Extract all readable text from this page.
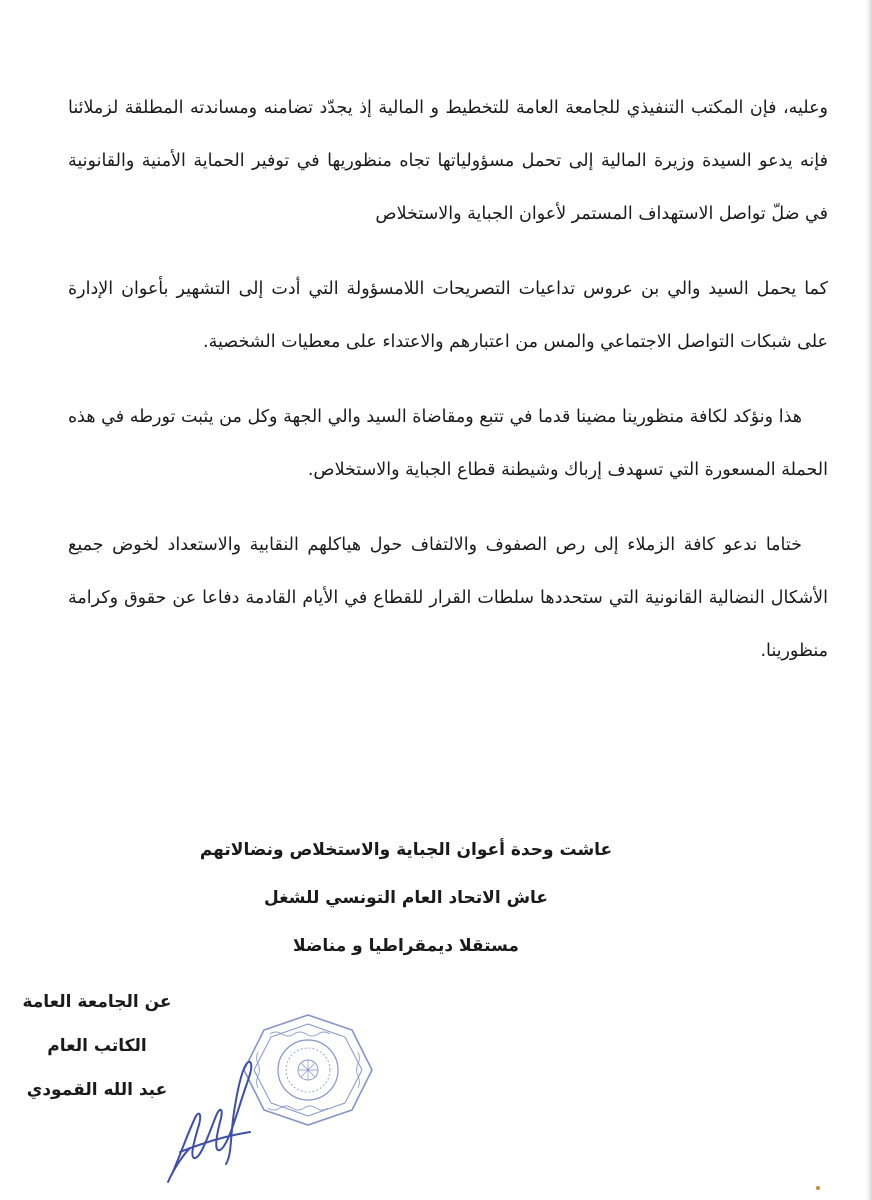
وعليه، فإن المكتب التنفيذي للجامعة العامة للتخطيط و المالية إذ يجدّد تضامنه ومساندته المطلقة لزملائنا فإنه يدعو السيدة وزيرة المالية إلى تحمل مسؤولياتها تجاه منظوريها في توفير الحماية الأمنية والقانونية في ضلّ تواصل الاستهداف المستمر لأعوان الجباية والاستخلاص

كما يحمل السيد والي بن عروس تداعيات التصريحات اللامسؤولة التي أدت إلى التشهير بأعوان الإدارة على شبكات التواصل الاجتماعي والمس من اعتبارهم والاعتداء على معطيات الشخصية.

هذا ونؤكد لكافة منظورينا مضينا قدما في تتبع ومقاضاة السيد والي الجهة وكل من يثبت تورطه في هذه الحملة المسعورة التي تسهدف إرباك وشيطنة قطاع الجباية والاستخلاص.

ختاما ندعو كافة الزملاء إلى رص الصفوف والالتفاف حول هياكلهم النقابية والاستعداد لخوض جميع الأشكال النضالية القانونية التي ستحددها سلطات القرار للقطاع في الأيام القادمة دفاعا عن حقوق وكرامة منظورينا.

عاشت وحدة أعوان الجباية والاستخلاص ونضالاتهم

عاش الاتحاد العام التونسي للشغل

مستقلا ديمقراطيا و مناضلا

عن الجامعة العامة

الكاتب العام

عبد الله القمودي
